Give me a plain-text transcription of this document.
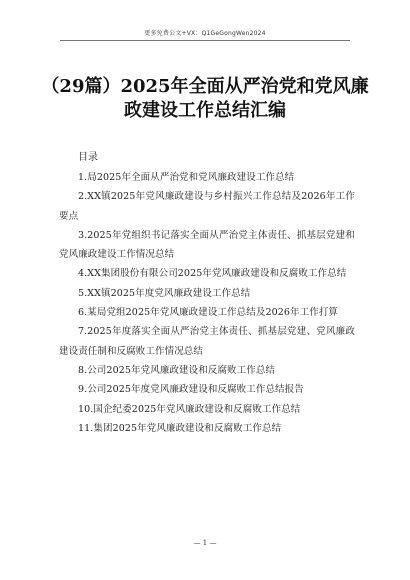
更多免费公文+VX：Q1GeGongWen2024
（29篇）2025年全面从严治党和党风廉
政建设工作总结汇编
目录
1.局2025年全面从严治党和党风廉政建设工作总结
2.XX镇2025年党风廉政建设与乡村振兴工作总结及2026年工作要点
3.2025年党组织书记落实全面从严治党主体责任、抓基层党建和党风廉政建设工作情况总结
4.XX集团股份有限公司2025年党风廉政建设和反腐败工作总结
5.XX镇2025年度党风廉政建设工作总结
6.某局党组2025年党风廉政建设工作总结及2026年工作打算
7.2025年度落实全面从严治党主体责任、抓基层党建、党风廉政建设责任制和反腐败工作情况总结
8.公司2025年党风廉政建设和反腐败工作总结
9.公司2025年度党风廉政建设和反腐败工作总结报告
10.国企纪委2025年党风廉政建设和反腐败工作总结
11.集团2025年党风廉政建设和反腐败工作总结
— 1 —
